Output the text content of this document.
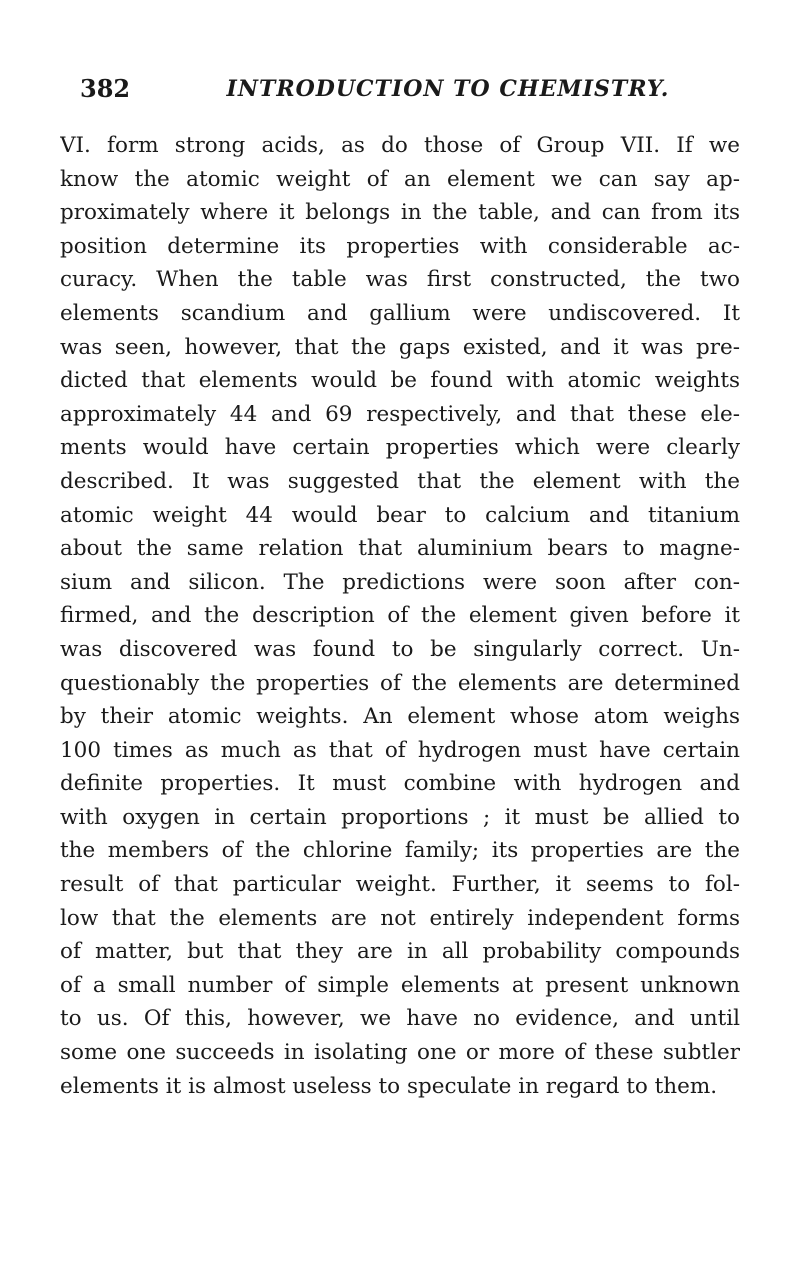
382	INTRODUCTION TO CHEMISTRY.
VI. form strong acids, as do those of Group VII. If we
know the atomic weight of an element we can say ap-
proximately where it belongs in the table, and can from its
position determine its properties with considerable ac-
curacy. When the table was first constructed, the two
elements scandium and gallium were undiscovered. It
was seen, however, that the gaps existed, and it was pre-
dicted that elements would be found with atomic weights
approximately 44 and 69 respectively, and that these ele-
ments would have certain properties which were clearly
described. It was suggested that the element with the
atomic weight 44 would bear to calcium and titanium
about the same relation that aluminium bears to magne-
sium and silicon. The predictions were soon after con-
firmed, and the description of the element given before it
was discovered was found to be singularly correct. Un-
questionably the properties of the elements are determined
by their atomic weights. An element whose atom weighs
100 times as much as that of hydrogen must have certain
definite properties. It must combine with hydrogen and
with oxygen in certain proportions ; it must be allied to
the members of the chlorine family; its properties are the
result of that particular weight. Further, it seems to fol-
low that the elements are not entirely independent forms
of matter, but that they are in all probability compounds
of a small number of simple elements at present unknown
to us. Of this, however, we have no evidence, and until
some one succeeds in isolating one or more of these subtler
elements it is almost useless to speculate in regard to them.
